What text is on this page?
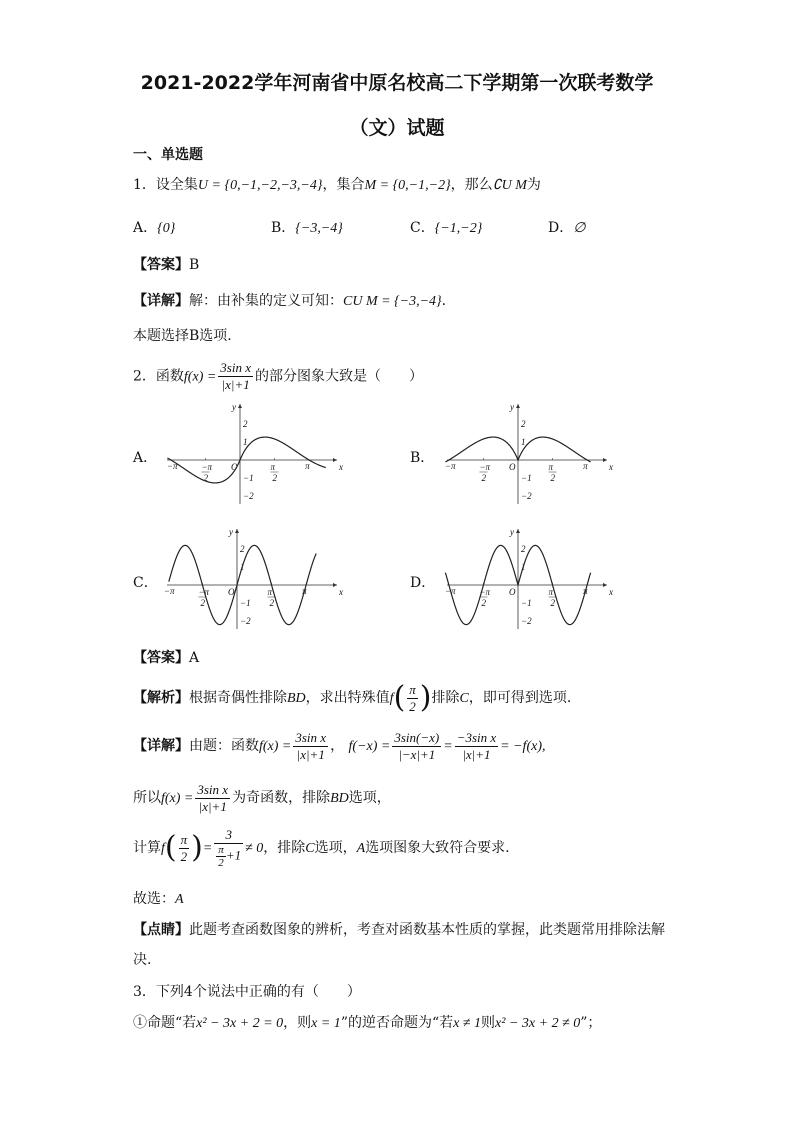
2021-2022学年河南省中原名校高二下学期第一次联考数学
（文）试题
一、单选题
1．设全集U = {0,−1,−2,−3,−4}，集合M = {0,−1,−2}，那么∁U M为
A．{0}	B．{−3,−4}	C．{−1,−2}	D．∅
【答案】B
【详解】解：由补集的定义可知：CU M = {−3,−4}.
本题选择B选项.
2．函数$f(x) = \frac{\text{3sin x}}{|x|+1}$ 的部分图象大致是（　　）
A．	B．
C．	D．
y
x
O
2
1
−1
−2
−π	π
−π
2
π
2
y
x
O
2
1
−1
−2
−π	π
−π
2
π
2
y
x
O
2
1
−1
−2
−π	π
−π
2
π
2
y
x
O
2
1
−1
−2
−π	π
−π
2
π
2
【答案】A
【解析】根据奇偶性排除BD，求出特殊值$f( \frac{\pi}{2}$ )排除C，即可得到选项.
【详解】由题：函数$f(x) = \frac{\text{3sin x}}{|x|+1}$ ， $f(-x) = \frac{3\sin(-x)}{|-x|+1} = \frac{\text{−3sin x}}{|x|+1} = -f(x)$,
所以$f(x) = \frac{\text{3sin x}}{|x|+1}$ 为奇函数，排除BD选项，
计算$f( \frac{\pi}{2}$ )= $\frac{3}{\frac{\pi}{2} +1} \ne 0$，排除C选项，A选项图象大致符合要求.
故选：A
【点睛】此题考查函数图象的辨析，考查对函数基本性质的掌握，此类题常用排除法解
决.
3．下列4个说法中正确的有（　　）
①命题“若x² − 3x + 2 = 0，则x = 1”的逆否命题为“若x ≠ 1则x² − 3x + 2 ≠ 0”；
